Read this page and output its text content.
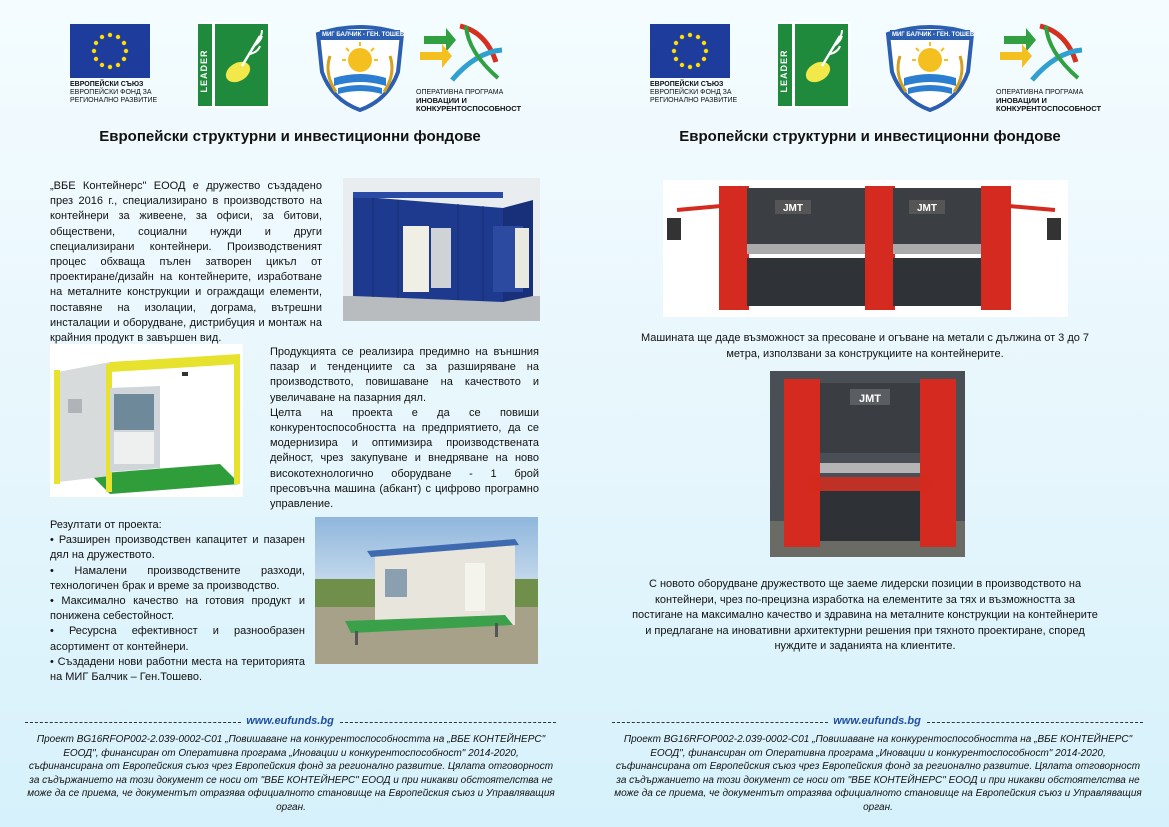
ЕВРОПЕЙСКИ СЪЮЗ
ЕВРОПЕЙСКИ ФОНД ЗА
РЕГИОНАЛНО РАЗВИТИЕ
LEADER
МИГ БАЛЧИК - ГЕН. ТОШЕВО
ОПЕРАТИВНА ПРОГРАМА
ИНОВАЦИИ И
КОНКУРЕНТОСПОСОБНОСТ
Европейски структурни и инвестиционни фондове

„ВБЕ Контейнерс" ЕООД е дружество създадено през 2016 г., специализирано в производството на контейнери за живеене, за офиси, за битови, обществени, социални нужди и други специализирани контейнери. Производственият процес обхваща пълен затворен цикъл от проектиране/дизайн на контейнерите, изработване на металните конструкции и ограждащи елементи, поставяне на изолации, дограма, вътрешни инсталации и оборудване, дистрибуция и монтаж на крайния продукт в завършен вид.

Продукцията се реализира предимно на външния пазар и тенденциите са за разширяване на производството, повишаване на качеството и увеличаване на пазарния дял.

Целта на проекта е да се повиши конкурентоспособността на предприятието, да се модернизира и оптимизира производствената дейност, чрез закупуване и внедряване на ново високотехнологично оборудване - 1 брой пресовъчна машина (абкант) с цифрово програмно управление.

Резултати от проекта:

• Разширен производствен капацитет и пазарен дял на дружеството.

• Намалени производствените разходи, технологичен брак и време за производство.

• Максимално качество на готовия продукт и понижена себестойност.

• Ресурсна ефективност и разнообразен асортимент от контейнери.

• Създадени нови работни места на територията на МИГ Балчик – Ген.Тошево.

www.eufunds.bg
Проект BG16RFOP002-2.039-0002-C01 „Повишаване на конкурентоспособността на „ВБЕ КОНТЕЙНЕРС" ЕООД", финансиран от Оперативна програма „Иновации и конкурентоспособност" 2014-2020, съфинансирана от Европейския съюз чрез Европейския фонд за регионално развитие. Цялата отговорност за съдържанието на този документ се носи от "ВБЕ КОНТЕЙНЕРС" ЕООД и при никакви обстоятелства не може да се приема, че документът отразява официалното становище на Европейския съюз и Управляващия орган.
ЕВРОПЕЙСКИ СЪЮЗ
ЕВРОПЕЙСКИ ФОНД ЗА
РЕГИОНАЛНО РАЗВИТИЕ
LEADER
МИГ БАЛЧИК - ГЕН. ТОШЕВО
ОПЕРАТИВНА ПРОГРАМА
ИНОВАЦИИ И
КОНКУРЕНТОСПОСОБНОСТ
Европейски структурни и инвестиционни фондове
JMT	JMT
Машината ще даде възможност за пресоване и огъване на метали с дължина от 3 до 7 метра, използвани за конструкциите на контейнерите.
JMT
С новото оборудване дружеството ще заеме лидерски позиции в производството на контейнери, чрез по-прецизна изработка на елементите за тях и възможността за постигане на максимално качество и здравина на металните конструкции на контейнерите и предлагане на иновативни архитектурни решения при тяхното проектиране, според нуждите и заданията на клиентите.
www.eufunds.bg
Проект BG16RFOP002-2.039-0002-C01 „Повишаване на конкурентоспособността на „ВБЕ КОНТЕЙНЕРС" ЕООД", финансиран от Оперативна програма „Иновации и конкурентоспособност" 2014-2020, съфинансирана от Европейския съюз чрез Европейския фонд за регионално развитие. Цялата отговорност за съдържанието на този документ се носи от "ВБЕ КОНТЕЙНЕРС" ЕООД и при никакви обстоятелства не може да се приема, че документът отразява официалното становище на Европейския съюз и Управляващия орган.
